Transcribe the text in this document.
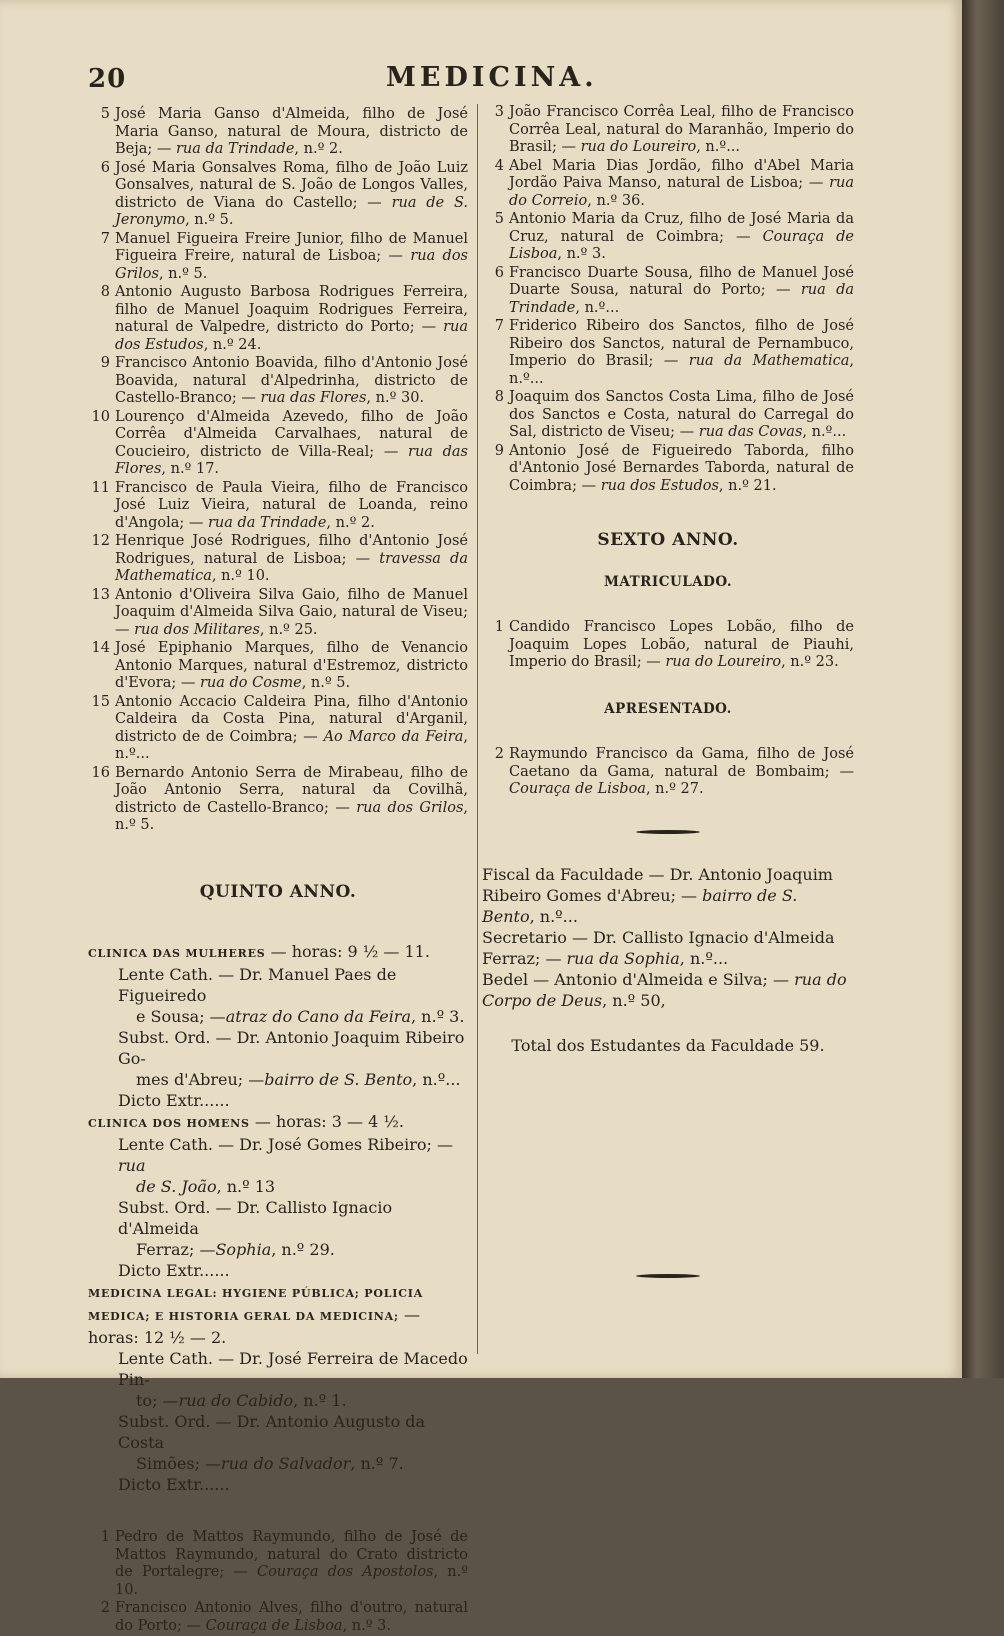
20	MEDICINA.
5 José Maria Ganso d'Almeida, filho de José Maria Ganso, natural de Moura, districto de Beja; — rua da Trindade, n.º 2.
6 José Maria Gonsalves Roma, filho de João Luiz Gonsalves, natural de S. João de Longos Valles, districto de Viana do Castello; — rua de S. Jeronymo, n.º 5.
7 Manuel Figueira Freire Junior, filho de Manuel Figueira Freire, natural de Lisboa; — rua dos Grilos, n.º 5.
8 Antonio Augusto Barbosa Rodrigues Ferreira, filho de Manuel Joaquim Rodrigues Ferreira, natural de Valpedre, districto do Porto; — rua dos Estudos, n.º 24.
9 Francisco Antonio Boavida, filho d'Antonio José Boavida, natural d'Alpedrinha, districto de Castello-Branco; — rua das Flores, n.º 30.
10 Lourenço d'Almeida Azevedo, filho de João Corrêa d'Almeida Carvalhaes, natural de Coucieiro, districto de Villa-Real; — rua das Flores, n.º 17.
11 Francisco de Paula Vieira, filho de Francisco José Luiz Vieira, natural de Loanda, reino d'Angola; — rua da Trindade, n.º 2.
12 Henrique José Rodrigues, filho d'Antonio José Rodrigues, natural de Lisboa; — travessa da Mathematica, n.º 10.
13 Antonio d'Oliveira Silva Gaio, filho de Manuel Joaquim d'Almeida Silva Gaio, natural de Viseu; — rua dos Militares, n.º 25.
14 José Epiphanio Marques, filho de Venancio Antonio Marques, natural d'Estremoz, districto d'Evora; — rua do Cosme, n.º 5.
15 Antonio Accacio Caldeira Pina, filho d'Antonio Caldeira da Costa Pina, natural d'Arganil, districto de de Coimbra; — Ao Marco da Feira, n.º...
16 Bernardo Antonio Serra de Mirabeau, filho de João Antonio Serra, natural da Covilhã, districto de Castello-Branco; — rua dos Grilos, n.º 5.
QUINTO ANNO.
CLINICA DAS MULHERES — horas: 9 ½ — 11.
Lente Cath. — Dr. Manuel Paes de Figueiredo
e Sousa; —atraz do Cano da Feira, n.º 3.
Subst. Ord. — Dr. Antonio Joaquim Ribeiro Go-
mes d'Abreu; —bairro de S. Bento, n.º...
Dicto Extr......
CLINICA DOS HOMENS — horas: 3 — 4 ½.
Lente Cath. — Dr. José Gomes Ribeiro; — rua
de S. João, n.º 13
Subst. Ord. — Dr. Callisto Ignacio d'Almeida
Ferraz; —Sophia, n.º 29.
Dicto Extr......
MEDICINA LEGAL: HYGIENE PÚBLICA; POLICIA MEDICA; E HISTORIA GERAL DA MEDICINA; — horas: 12 ½ — 2.
Lente Cath. — Dr. José Ferreira de Macedo Pin-
to; —rua do Cabido, n.º 1.
Subst. Ord. — Dr. Antonio Augusto da Costa
Simões; —rua do Salvador, n.º 7.
Dicto Extr......
1 Pedro de Mattos Raymundo, filho de José de Mattos Raymundo, natural do Crato districto de Portalegre; — Couraça dos Apostolos, n.º 10.
2 Francisco Antonio Alves, filho d'outro, natural do Porto; — Couraça de Lisboa, n.º 3.
3 João Francisco Corrêa Leal, filho de Francisco Corrêa Leal, natural do Maranhão, Imperio do Brasil; — rua do Loureiro, n.º...
4 Abel Maria Dias Jordão, filho d'Abel Maria Jordão Paiva Manso, natural de Lisboa; — rua do Correio, n.º 36.
5 Antonio Maria da Cruz, filho de José Maria da Cruz, natural de Coimbra; — Couraça de Lisboa, n.º 3.
6 Francisco Duarte Sousa, filho de Manuel José Duarte Sousa, natural do Porto; — rua da Trindade, n.º...
7 Friderico Ribeiro dos Sanctos, filho de José Ribeiro dos Sanctos, natural de Pernambuco, Imperio do Brasil; — rua da Mathematica, n.º...
8 Joaquim dos Sanctos Costa Lima, filho de José dos Sanctos e Costa, natural do Carregal do Sal, districto de Viseu; — rua das Covas, n.º...
9 Antonio José de Figueiredo Taborda, filho d'Antonio José Bernardes Taborda, natural de Coimbra; — rua dos Estudos, n.º 21.
SEXTO ANNO.
MATRICULADO.
1 Candido Francisco Lopes Lobão, filho de Joaquim Lopes Lobão, natural de Piauhi, Imperio do Brasil; — rua do Loureiro, n.º 23.
APRESENTADO.
2 Raymundo Francisco da Gama, filho de José Caetano da Gama, natural de Bombaim; — Couraça de Lisboa, n.º 27.
Fiscal da Faculdade — Dr. Antonio Joaquim Ribeiro Gomes d'Abreu; — bairro de S. Bento, n.º...
Secretario — Dr. Callisto Ignacio d'Almeida Ferraz; — rua da Sophia, n.º...
Bedel — Antonio d'Almeida e Silva; — rua do Corpo de Deus, n.º 50,
Total dos Estudantes da Faculdade 59.
